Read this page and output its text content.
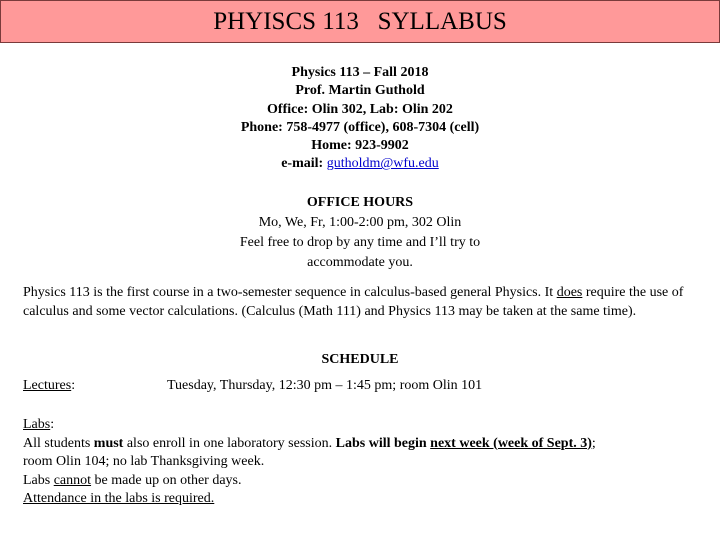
PHYISCS 113   SYLLABUS
Physics 113 – Fall 2018
Prof. Martin Guthold
Office: Olin 302, Lab: Olin 202
Phone: 758-4977 (office), 608-7304 (cell)
Home: 923-9902
e-mail: gutholdm@wfu.edu
OFFICE HOURS
Mo, We, Fr, 1:00-2:00 pm, 302 Olin
Feel free to drop by any time and I’ll try to
accommodate you.
Physics 113 is the first course in a two-semester sequence in calculus-based general Physics. It does require the use of calculus and some vector calculations. (Calculus (Math 111) and Physics 113 may be taken at the same time).
SCHEDULE
Lectures:	Tuesday, Thursday, 12:30 pm – 1:45 pm; room Olin 101
Labs:
All students must also enroll in one laboratory session. Labs will begin next week (week of Sept. 3);
room Olin 104; no lab Thanksgiving week.
Labs cannot be made up on other days.
Attendance in the labs is required.
